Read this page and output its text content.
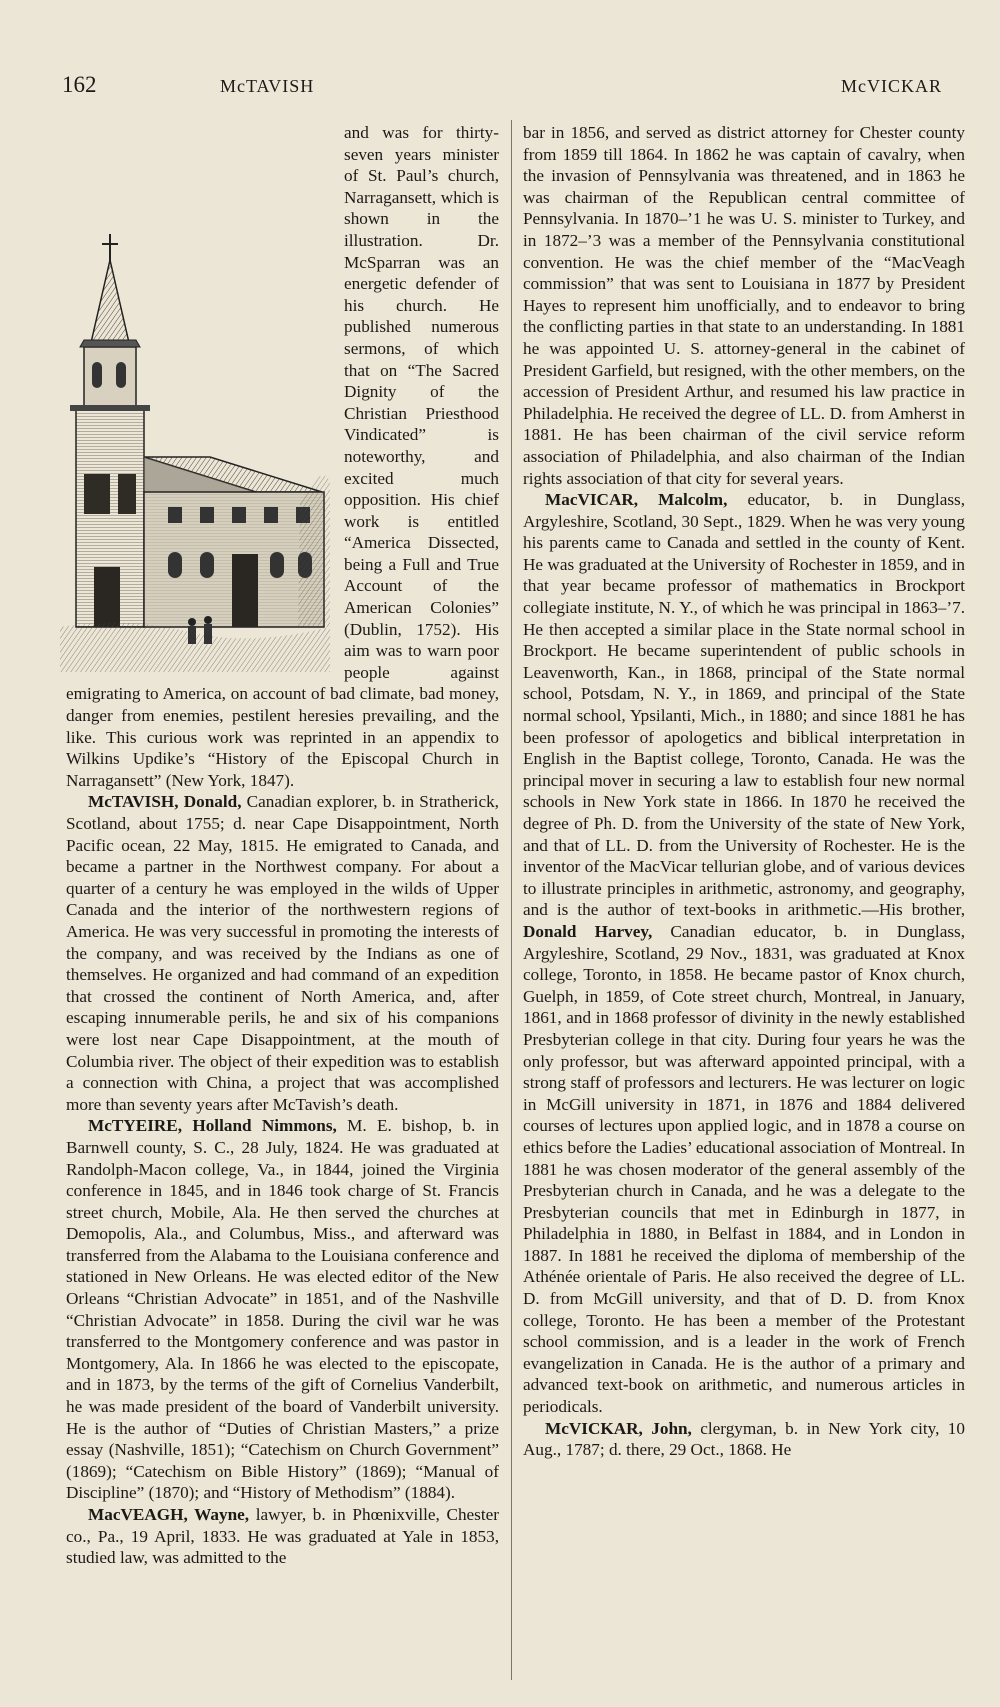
162	McTAVISH	McVICKAR

and was for thirty-seven years minister of St. Paul’s church, Narragansett, which is shown in the illustration. Dr. McSparran was an energetic defender of his church. He published numerous sermons, of which that on “The Sacred Dignity of the Christian Priesthood Vindicated” is noteworthy, and excited much opposition. His chief work is entitled “America Dissected, being a Full and True Account of the American Colonies” (Dublin, 1752). His aim was to warn poor people against emigrating to America, on account of bad climate, bad money, danger from enemies, pestilent heresies prevailing, and the like. This curious work was reprinted in an appendix to Wilkins Updike’s “History of the Episcopal Church in Narragansett” (New York, 1847).

McTAVISH, Donald, Canadian explorer, b. in Stratherick, Scotland, about 1755; d. near Cape Disappointment, North Pacific ocean, 22 May, 1815. He emigrated to Canada, and became a partner in the Northwest company. For about a quarter of a century he was employed in the wilds of Upper Canada and the interior of the northwestern regions of America. He was very successful in promoting the interests of the company, and was received by the Indians as one of themselves. He organized and had command of an expedition that crossed the continent of North America, and, after escaping innumerable perils, he and six of his companions were lost near Cape Disappointment, at the mouth of Columbia river. The object of their expedition was to establish a connection with China, a project that was accomplished more than seventy years after McTavish’s death.

McTYEIRE, Holland Nimmons, M. E. bishop, b. in Barnwell county, S. C., 28 July, 1824. He was graduated at Randolph-Macon college, Va., in 1844, joined the Virginia conference in 1845, and in 1846 took charge of St. Francis street church, Mobile, Ala. He then served the churches at Demopolis, Ala., and Columbus, Miss., and afterward was transferred from the Alabama to the Louisiana conference and stationed in New Orleans. He was elected editor of the New Orleans “Christian Advocate” in 1851, and of the Nashville “Christian Advocate” in 1858. During the civil war he was transferred to the Montgomery conference and was pastor in Montgomery, Ala. In 1866 he was elected to the episcopate, and in 1873, by the terms of the gift of Cornelius Vanderbilt, he was made president of the board of Vanderbilt university. He is the author of “Duties of Christian Masters,” a prize essay (Nashville, 1851); “Catechism on Church Government” (1869); “Catechism on Bible History” (1869); “Manual of Discipline” (1870); and “History of Methodism” (1884).

MacVEAGH, Wayne, lawyer, b. in Phœnixville, Chester co., Pa., 19 April, 1833. He was graduated at Yale in 1853, studied law, was admitted to the

bar in 1856, and served as district attorney for Chester county from 1859 till 1864. In 1862 he was captain of cavalry, when the invasion of Pennsylvania was threatened, and in 1863 he was chairman of the Republican central committee of Pennsylvania. In 1870–’1 he was U. S. minister to Turkey, and in 1872–’3 was a member of the Pennsylvania constitutional convention. He was the chief member of the “MacVeagh commission” that was sent to Louisiana in 1877 by President Hayes to represent him unofficially, and to endeavor to bring the conflicting parties in that state to an understanding. In 1881 he was appointed U. S. attorney-general in the cabinet of President Garfield, but resigned, with the other members, on the accession of President Arthur, and resumed his law practice in Philadelphia. He received the degree of LL. D. from Amherst in 1881. He has been chairman of the civil service reform association of Philadelphia, and also chairman of the Indian rights association of that city for several years.

MacVICAR, Malcolm, educator, b. in Dunglass, Argyleshire, Scotland, 30 Sept., 1829. When he was very young his parents came to Canada and settled in the county of Kent. He was graduated at the University of Rochester in 1859, and in that year became professor of mathematics in Brockport collegiate institute, N. Y., of which he was principal in 1863–’7. He then accepted a similar place in the State normal school in Brockport. He became superintendent of public schools in Leavenworth, Kan., in 1868, principal of the State normal school, Potsdam, N. Y., in 1869, and principal of the State normal school, Ypsilanti, Mich., in 1880; and since 1881 he has been professor of apologetics and biblical interpretation in English in the Baptist college, Toronto, Canada. He was the principal mover in securing a law to establish four new normal schools in New York state in 1866. In 1870 he received the degree of Ph. D. from the University of the state of New York, and that of LL. D. from the University of Rochester. He is the inventor of the MacVicar tellurian globe, and of various devices to illustrate principles in arithmetic, astronomy, and geography, and is the author of text-books in arithmetic.—His brother, Donald Harvey, Canadian educator, b. in Dunglass, Argyleshire, Scotland, 29 Nov., 1831, was graduated at Knox college, Toronto, in 1858. He became pastor of Knox church, Guelph, in 1859, of Cote street church, Montreal, in January, 1861, and in 1868 professor of divinity in the newly established Presbyterian college in that city. During four years he was the only professor, but was afterward appointed principal, with a strong staff of professors and lecturers. He was lecturer on logic in McGill university in 1871, in 1876 and 1884 delivered courses of lectures upon applied logic, and in 1878 a course on ethics before the Ladies’ educational association of Montreal. In 1881 he was chosen moderator of the general assembly of the Presbyterian church in Canada, and he was a delegate to the Presbyterian councils that met in Edinburgh in 1877, in Philadelphia in 1880, in Belfast in 1884, and in London in 1887. In 1881 he received the diploma of membership of the Athénée orientale of Paris. He also received the degree of LL. D. from McGill university, and that of D. D. from Knox college, Toronto. He has been a member of the Protestant school commission, and is a leader in the work of French evangelization in Canada. He is the author of a primary and advanced text-book on arithmetic, and numerous articles in periodicals.

McVICKAR, John, clergyman, b. in New York city, 10 Aug., 1787; d. there, 29 Oct., 1868. He
